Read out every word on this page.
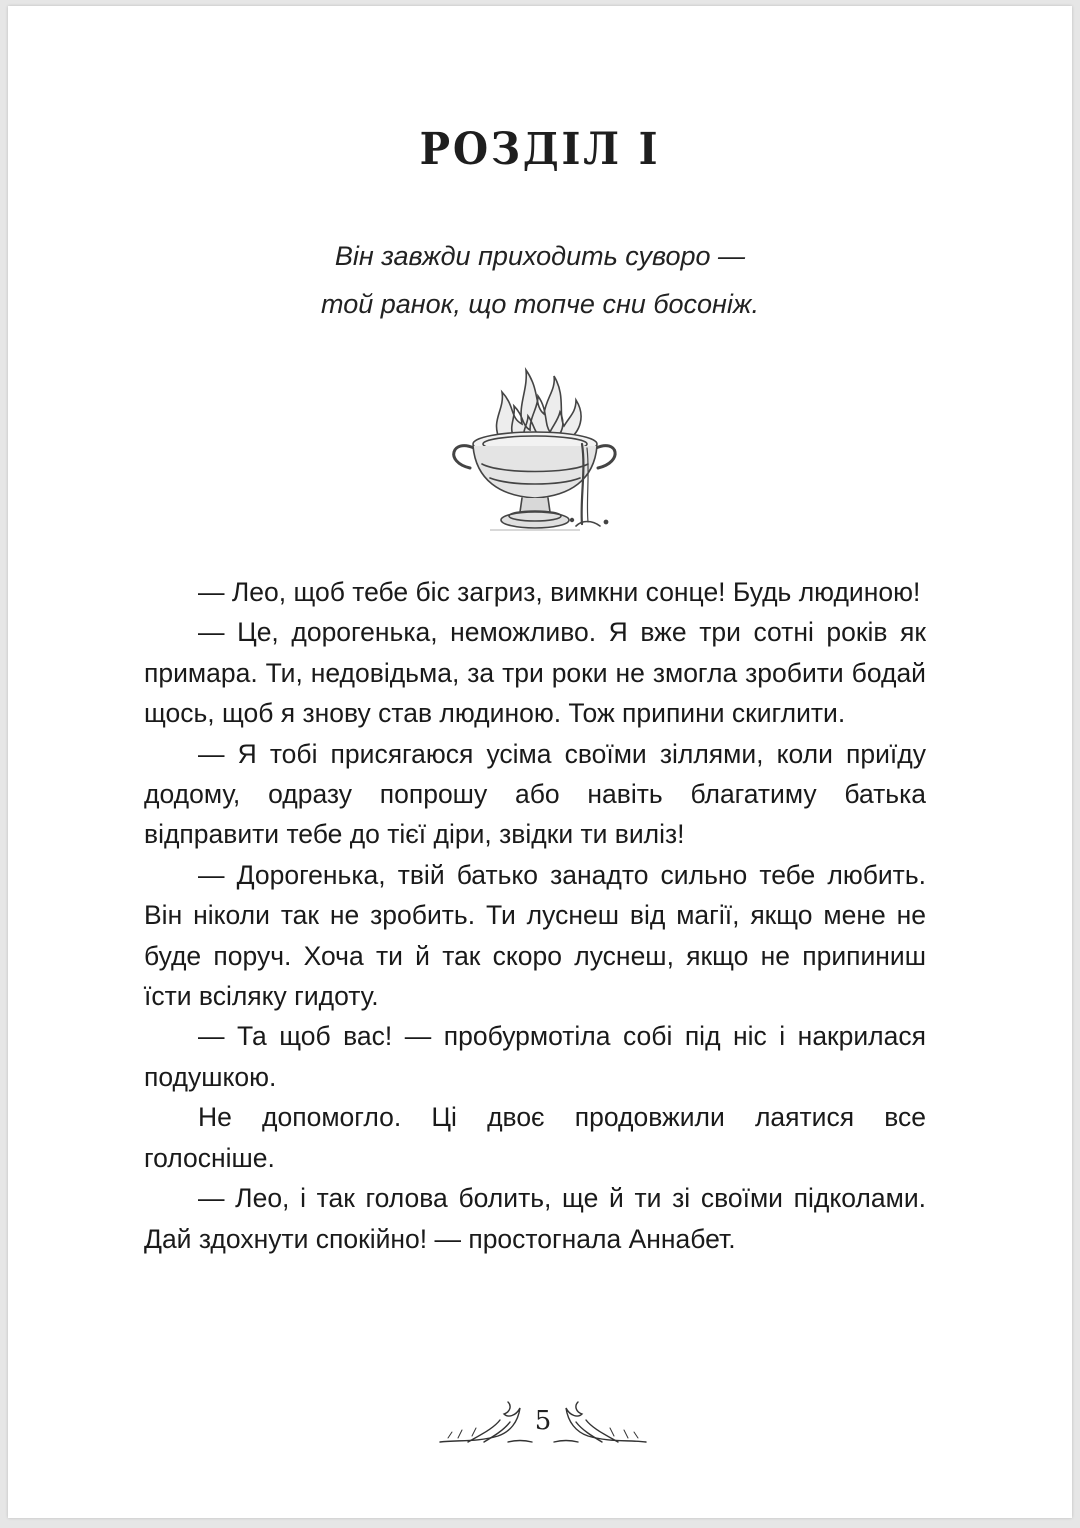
РОЗДІЛ I
Він завжди приходить суворо —
той ранок, що топче сни босоніж.

— Лео, щоб тебе біс загриз, вимкни сонце! Будь людиною!

— Це, дорогенька, неможливо. Я вже три сотні років як примара. Ти, недовідьма, за три роки не змогла зробити бодай щось, щоб я знову став людиною. Тож припини скиглити.

— Я тобі присягаюся усіма своїми зіллями, коли приїду додому, одразу попрошу або навіть благатиму батька відправити тебе до тієї діри, звідки ти виліз!

— Дорогенька, твій батько занадто сильно тебе любить. Він ніколи так не зробить. Ти луснеш від магії, якщо мене не буде поруч. Хоча ти й так скоро луснеш, якщо не припиниш їсти всіляку гидоту.

— Та щоб вас! — пробурмотіла собі під ніс і накрилася подушкою.

Не допомогло. Ці двоє продовжили лаятися все голосніше.

— Лео, і так голова болить, ще й ти зі своїми підколами. Дай здохнути спокійно! — простогнала Аннабет.

5
